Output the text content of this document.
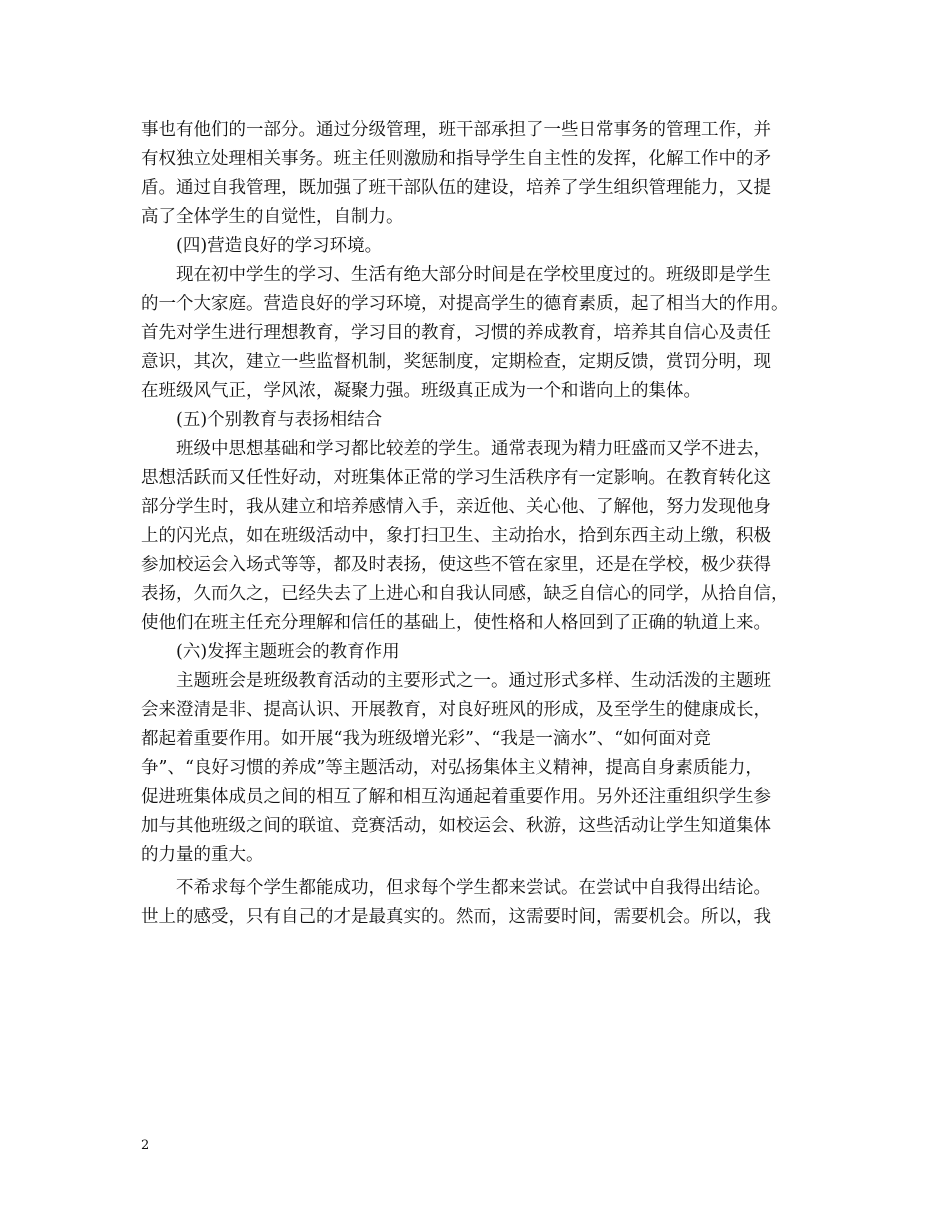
事也有他们的一部分。通过分级管理，班干部承担了一些日常事务的管理工作，并
有权独立处理相关事务。班主任则激励和指导学生自主性的发挥，化解工作中的矛
盾。通过自我管理，既加强了班干部队伍的建设，培养了学生组织管理能力，又提
高了全体学生的自觉性，自制力。
(四)营造良好的学习环境。
现在初中学生的学习、生活有绝大部分时间是在学校里度过的。班级即是学生
的一个大家庭。营造良好的学习环境，对提高学生的德育素质，起了相当大的作用。
首先对学生进行理想教育，学习目的教育，习惯的养成教育，培养其自信心及责任
意识，其次，建立一些监督机制，奖惩制度，定期检查，定期反馈，赏罚分明，现
在班级风气正，学风浓，凝聚力强。班级真正成为一个和谐向上的集体。
(五)个别教育与表扬相结合
班级中思想基础和学习都比较差的学生。通常表现为精力旺盛而又学不进去，
思想活跃而又任性好动，对班集体正常的学习生活秩序有一定影响。在教育转化这
部分学生时，我从建立和培养感情入手，亲近他、关心他、了解他，努力发现他身
上的闪光点，如在班级活动中，象打扫卫生、主动抬水，拾到东西主动上缴，积极
参加校运会入场式等等，都及时表扬，使这些不管在家里，还是在学校，极少获得
表扬，久而久之，已经失去了上进心和自我认同感，缺乏自信心的同学，从拾自信，
使他们在班主任充分理解和信任的基础上，使性格和人格回到了正确的轨道上来。
(六)发挥主题班会的教育作用
主题班会是班级教育活动的主要形式之一。通过形式多样、生动活泼的主题班
会来澄清是非、提高认识、开展教育，对良好班风的形成，及至学生的健康成长，
都起着重要作用。如开展“我为班级增光彩”、“我是一滴水”、“如何面对竞
争”、“良好习惯的养成”等主题活动，对弘扬集体主义精神，提高自身素质能力，
促进班集体成员之间的相互了解和相互沟通起着重要作用。另外还注重组织学生参
加与其他班级之间的联谊、竞赛活动，如校运会、秋游，这些活动让学生知道集体
的力量的重大。
不希求每个学生都能成功，但求每个学生都来尝试。在尝试中自我得出结论。
世上的感受，只有自己的才是最真实的。然而，这需要时间，需要机会。所以，我
2
